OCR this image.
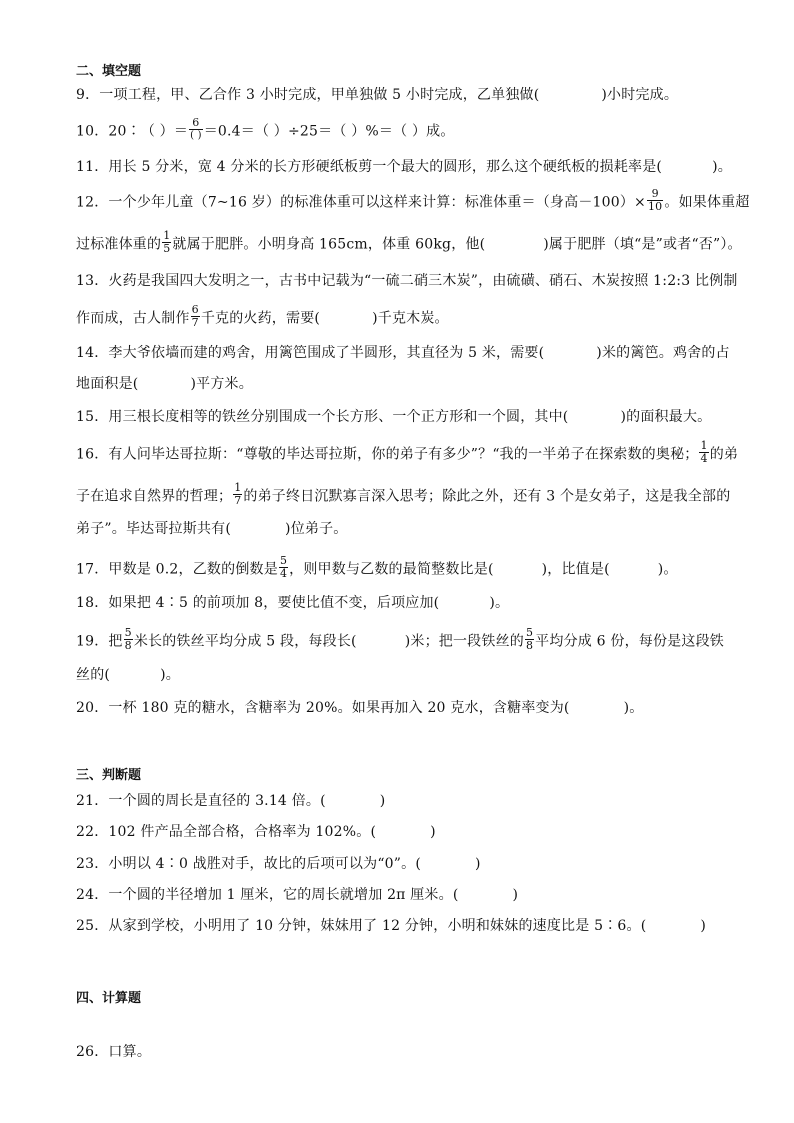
二、填空题
9．一项工程，甲、乙合作 3 小时完成，甲单独做 5 小时完成，乙单独做(	)小时完成。
10．20∶（ ）＝ $\frac{6}{( )} =0.4=$（ ）÷25＝（ ）%＝（ ）成。
11．用长 5 分米，宽 4 分米的长方形硬纸板剪一个最大的圆形，那么这个硬纸板的损耗率是(	)。
12．一个少年儿童（7~16 岁）的标准体重可以这样来计算：标准体重＝（身高$-100)\times \frac{9}{10}$ 。如果体重超
过标准体重的 $\frac{1}{5}$ 就属于肥胖。小明身高 165cm，体重 60kg，他(	)属于肥胖（填“是”或者“否”）。
13．火药是我国四大发明之一，古书中记载为“一硫二硝三木炭”，由硫磺、硝石、木炭按照 1:2:3 比例制
作而成，古人制作 $\frac{6}{7}$ 千克的火药，需要(	)千克木炭。
14．李大爷依墙而建的鸡舍，用篱笆围成了半圆形，其直径为 5 米，需要(	)米的篱笆。鸡舍的占
地面积是(	)平方米。
15．用三根长度相等的铁丝分别围成一个长方形、一个正方形和一个圆，其中(	)的面积最大。
16．有人问毕达哥拉斯：“尊敬的毕达哥拉斯，你的弟子有多少”？“我的一半弟子在探索数的奥秘； $\frac{1}{4}$ 的弟
子在追求自然界的哲理； $\frac{1}{7}$ 的弟子终日沉默寡言深入思考；除此之外，还有 3 个是女弟子，这是我全部的
弟子”。毕达哥拉斯共有(	)位弟子。
17．甲数是 0.2，乙数的倒数是 $\frac{5}{4}$ ，则甲数与乙数的最简整数比是(	)，比值是(	)。
18．如果把 4∶5 的前项加 8，要使比值不变，后项应加(	)。
19．把 $\frac{5}{8}$ 米长的铁丝平均分成 5 段，每段长(	)米；把一段铁丝的 $\frac{5}{8}$ 平均分成 6 份，每份是这段铁
丝的(	)。
20．一杯 180 克的糖水，含糖率为 20%。如果再加入 20 克水，含糖率变为(	)。
三、判断题
21．一个圆的周长是直径的 3.14 倍。(	)
22．102 件产品全部合格，合格率为 102%。(	)
23．小明以 4∶0 战胜对手，故比的后项可以为“0”。(	)
24．一个圆的半径增加 1 厘米，它的周长就增加 2π 厘米。(	)
25．从家到学校，小明用了 10 分钟，妹妹用了 12 分钟，小明和妹妹的速度比是 5∶6。(	)
四、计算题
26．口算。
